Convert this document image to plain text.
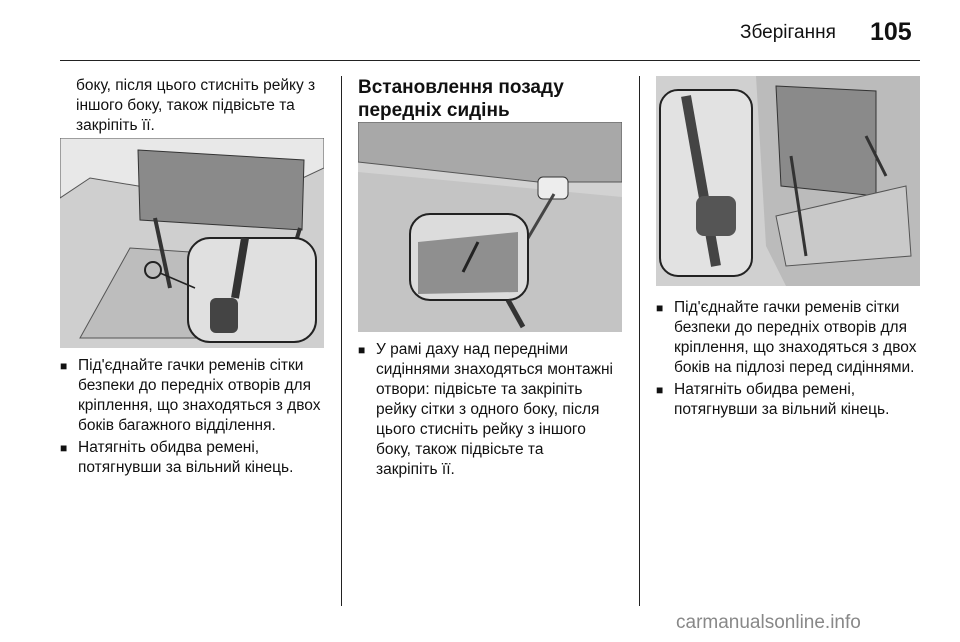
Зберігання 105
боку, після цього стисніть рейку з
іншого боку, також підвісьте та
закріпіть її.
■ Під'єднайте гачки ременів сітки
безпеки до передніх отворів для
кріплення, що знаходяться з двох
боків багажного відділення.
■ Натягніть обидва ремені,
потягнувши за вільний кінець.
Встановлення позаду
передніх сидінь
■ У рамі даху над передніми
сидіннями знаходяться монтажні
отвори: підвісьте та закріпіть
рейку сітки з одного боку, після
цього стисніть рейку з іншого
боку, також підвісьте та
закріпіть її.
■ Під'єднайте гачки ременів сітки
безпеки до передніх отворів для
кріплення, що знаходяться з двох
боків на підлозі перед сидіннями.
■ Натягніть обидва ремені,
потягнувши за вільний кінець.
carmanualsonline.info
